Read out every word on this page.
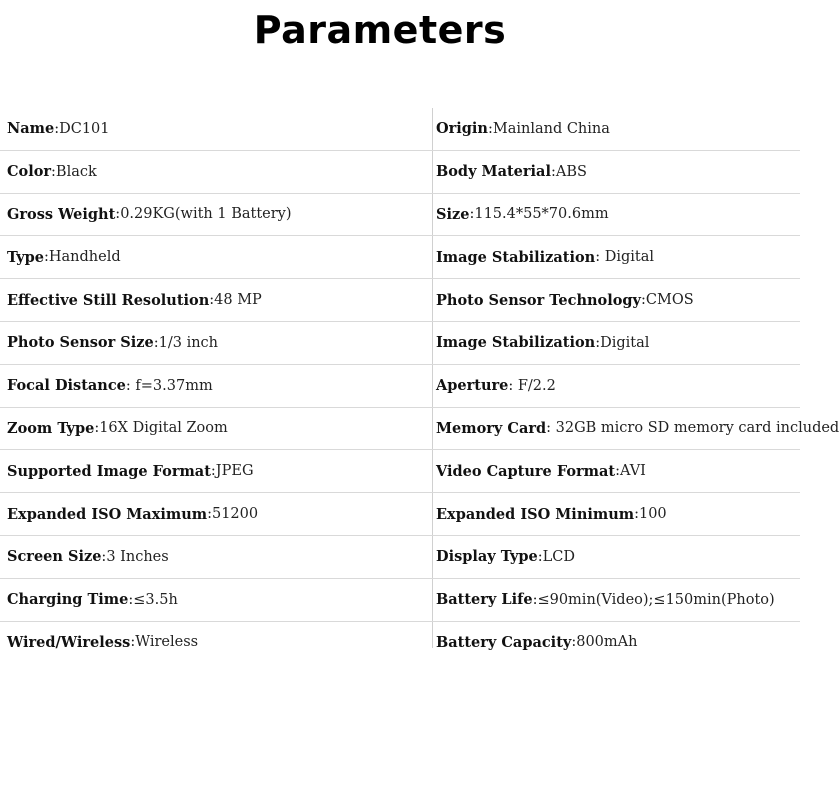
Parameters
Name : DC101	Origin : Mainland China
Color : Black	Body Material : ABS
Gross Weight : 0.29KG(with 1 Battery)	Size : 115.4*55*70.6mm
Type : Handheld	Image Stabilization : Digital
Effective Still Resolution : 48 MP	Photo Sensor Technology : CMOS
Photo Sensor Size : 1/3 inch	Image Stabilization : Digital
Focal Distance : f=3.37mm	Aperture : F/2.2
Zoom Type : 16X Digital Zoom	Memory Card : 32GB micro SD memory card included
Supported Image Format : JPEG	Video Capture Format : AVI
Expanded ISO Maximum : 51200	Expanded ISO Minimum : 100
Screen Size : 3 Inches	Display Type : LCD
Charging Time : ≤3.5h	Battery Life : ≤90min(Video);≤150min(Photo)
Wired/Wireless : Wireless	Battery Capacity : 800mAh
